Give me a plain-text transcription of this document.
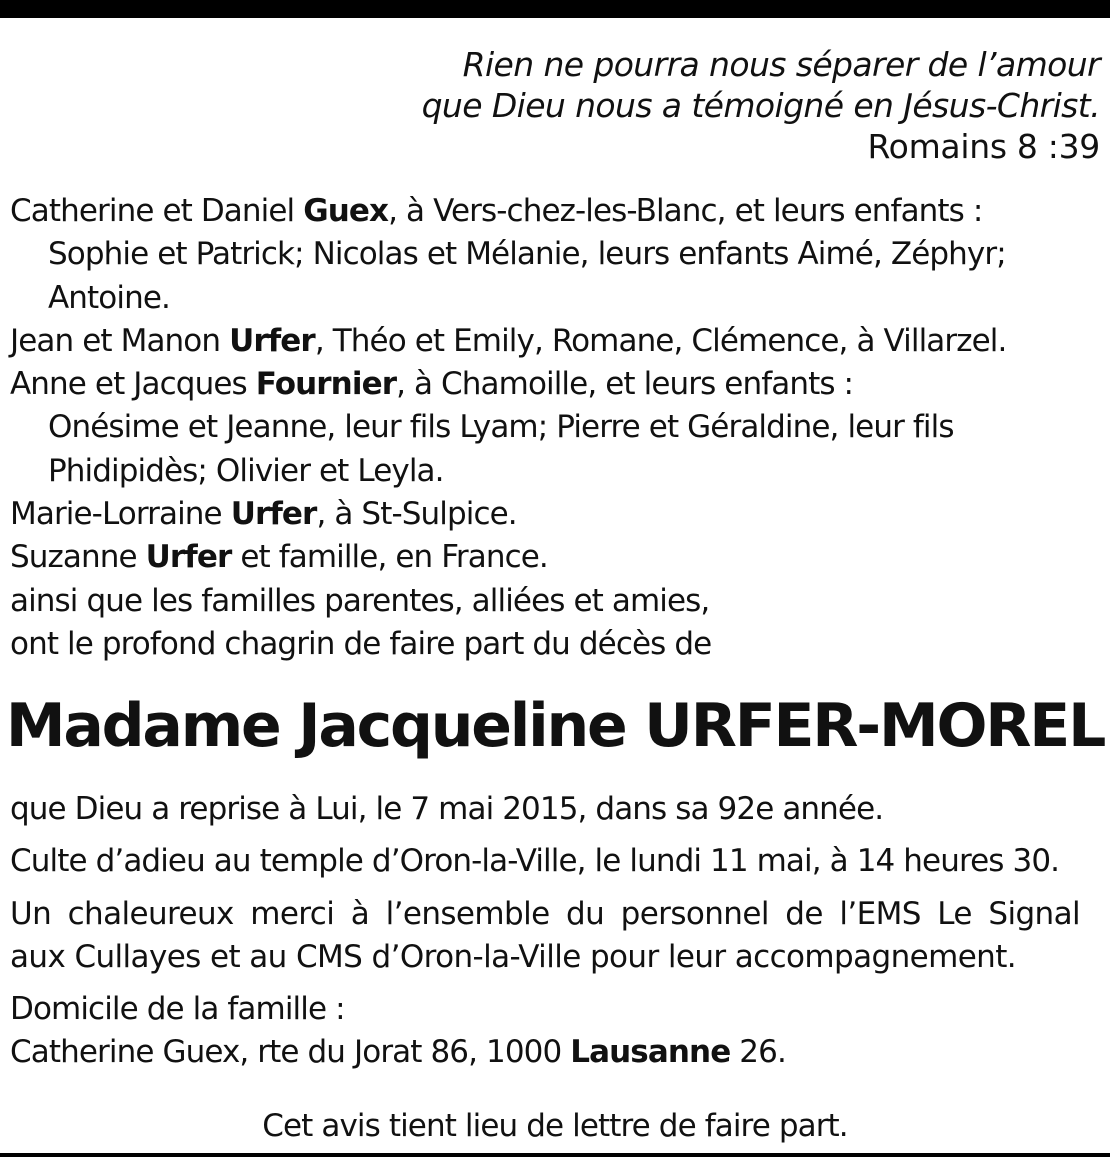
Rien ne pourra nous séparer de l’amour
que Dieu nous a témoigné en Jésus-Christ.
Romains 8 :39
Catherine et Daniel Guex, à Vers-chez-les-Blanc, et leurs enfants :
Sophie et Patrick; Nicolas et Mélanie, leurs enfants Aimé, Zéphyr;
Antoine.
Jean et Manon Urfer, Théo et Emily, Romane, Clémence, à Villarzel.
Anne et Jacques Fournier, à Chamoille, et leurs enfants :
Onésime et Jeanne, leur fils Lyam; Pierre et Géraldine, leur fils
Phidipidès; Olivier et Leyla.
Marie-Lorraine Urfer, à St-Sulpice.
Suzanne Urfer et famille, en France.
ainsi que les familles parentes, alliées et amies,
ont le profond chagrin de faire part du décès de
Madame Jacqueline URFER-MOREL
que Dieu a reprise à Lui, le 7 mai 2015, dans sa 92e année.
Culte d’adieu au temple d’Oron-la-Ville, le lundi 11 mai, à 14 heures 30.
Un chaleureux merci à l’ensemble du personnel de l’EMS Le Signal
aux Cullayes et au CMS d’Oron-la-Ville pour leur accompagnement.
Domicile de la famille :
Catherine Guex, rte du Jorat 86, 1000 Lausanne 26.
Cet avis tient lieu de lettre de faire part.
